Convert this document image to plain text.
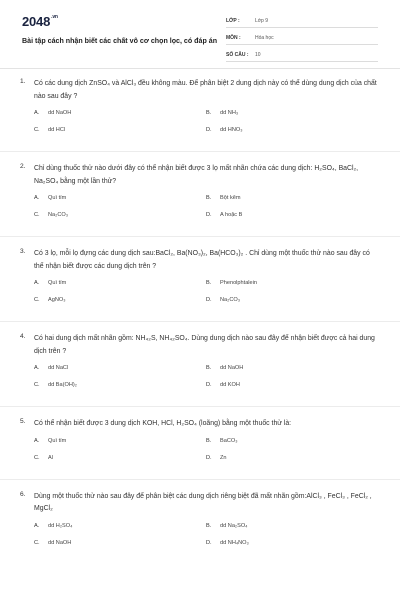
$2048^{.vn}$
Bài tập cách nhận biết các chất vô cơ chọn lọc, có đáp án
LỚP :	Lớp 9
MÔN :	Hóa học
SỐ CÂU :	10
1.	Có các dung dịch ZnSO₄ và AlCl₃ đều không màu. Để phân biệt 2 dung dịch này có thể dùng dung dịch của chất nào sau đây ?
A.	dd NaOH	B.	dd NH₃
C.	dd HCl	D.	dd HNO₃
2.	Chỉ dùng thuốc thử nào dưới đây có thể nhận biết được 3 lọ mất nhãn chứa các dung dịch: H₂SO₄, BaCl₂, Na₂SO₄ bằng một lần thử?
A.	Quì tím	B.	Bột kẽm
C.	Na₂CO₃	D.	A hoặc B
3.	Có 3 lọ, mỗi lọ đựng các dung dịch sau:BaCl₂, Ba(NO₃)₂, Ba(HCO₃)₂ . Chỉ dùng một thuốc thử nào sau đây có thể nhận biết được các dung dịch trên ?
A.	Quì tím	B.	Phenolphtalein
C.	AgNO₃	D.	Na₂CO₃
4.	Có hai dung dịch mất nhãn gồm: NH₄₂S, NH₄₂SO₄. Dùng dung dịch nào sau đây để nhận biết được cả hai dung dịch trên ?
A.	dd NaCl	B.	dd NaOH
C.	dd Ba(OH)₂	D.	dd KOH
5.	Có thể nhận biết được 3 dung dịch KOH, HCl, H₂SO₄ (loãng) bằng một thuốc thử là:
A.	Quì tím	B.	BaCO₃
C.	Al	D.	Zn
6.	Dùng một thuốc thử nào sau đây để phân biệt các dung dịch riêng biệt đã mất nhãn gồm:AlCl₃ , FeCl₃ , FeCl₂ , MgCl₂
A.	dd H₂SO₄	B.	dd Na₂SO₄
C.	dd NaOH	D.	dd NH₄NO₃
